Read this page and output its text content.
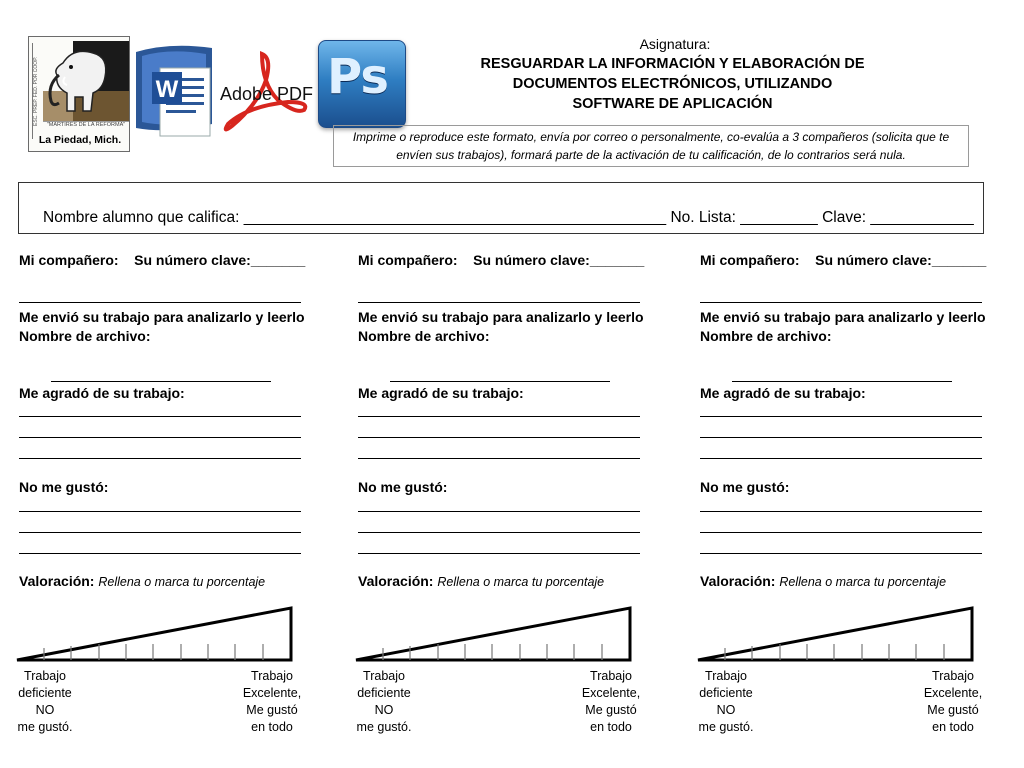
ESC. PREP. FED. POR COOP.	"MARTIRES DE LA REFORMA"
La Piedad, Mich.
W Adobe PDF Ps
Asignatura:
RESGUARDAR LA INFORMACIÓN Y ELABORACIÓN DE
DOCUMENTOS ELECTRÓNICOS, UTILIZANDO
SOFTWARE DE APLICACIÓN
Imprime o reproduce este formato, envía por correo o personalmente, co-evalúa a 3 compañeros (solicita que te envíen sus trabajos), formará parte de la activación de tu calificación, de lo contrarios será nula.
Nombre alumno que califica: _________________________________________________ No. Lista: _________ Clave: ____________
Mi compañero: Su número clave:_______
Me envió su trabajo para analizarlo y leerlo
Nombre de archivo:
Me agradó de su trabajo:
No me gustó:
Valoración: Rellena o marca tu porcentaje
Trabajo
deficiente
NO
me gustó.
Trabajo
Excelente,
Me gustó
en todo
Mi compañero: Su número clave:_______
Me envió su trabajo para analizarlo y leerlo
Nombre de archivo:
Me agradó de su trabajo:
No me gustó:
Valoración: Rellena o marca tu porcentaje
Trabajo
deficiente
NO
me gustó.
Trabajo
Excelente,
Me gustó
en todo
Mi compañero: Su número clave:_______
Me envió su trabajo para analizarlo y leerlo
Nombre de archivo:
Me agradó de su trabajo:
No me gustó:
Valoración: Rellena o marca tu porcentaje
Trabajo
deficiente
NO
me gustó.
Trabajo
Excelente,
Me gustó
en todo
